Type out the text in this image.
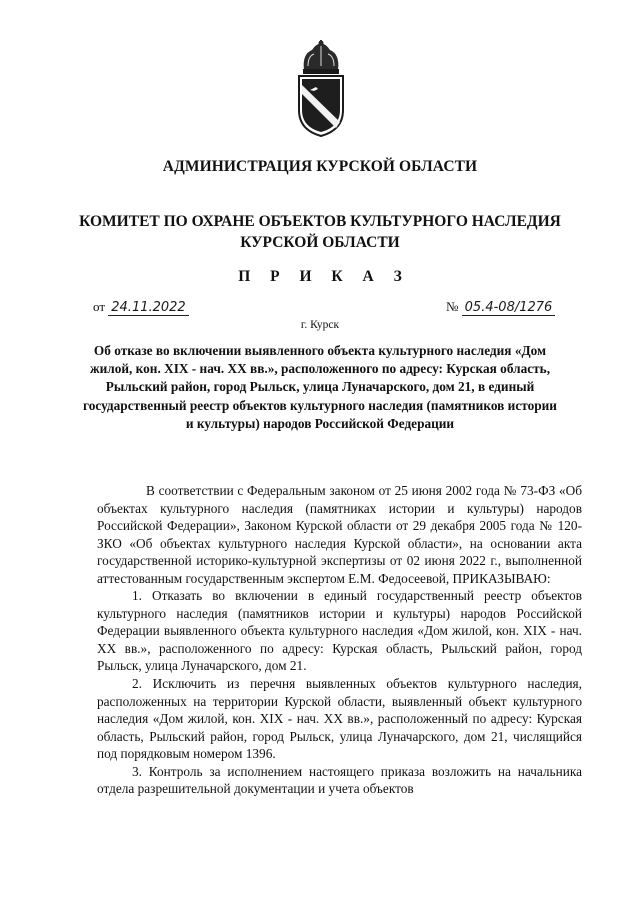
АДМИНИСТРАЦИЯ КУРСКОЙ ОБЛАСТИ
КОМИТЕТ ПО ОХРАНЕ ОБЪЕКТОВ КУЛЬТУРНОГО НАСЛЕДИЯ
КУРСКОЙ ОБЛАСТИ
П Р И К А З
от 24.11.2022	№ 05.4-08/1276
г. Курск
Об отказе во включении выявленного объекта культурного наследия «Дом жилой, кон. XIX - нач. XX вв.», расположенного по адресу: Курская область, Рыльский район, город Рыльск, улица Луначарского, дом 21, в единый государственный реестр объектов культурного наследия (памятников истории и культуры) народов Российской Федерации

В соответствии с Федеральным законом от 25 июня 2002 года № 73-ФЗ «Об объектах культурного наследия (памятниках истории и культуры) народов Российской Федерации», Законом Курской области от 29 декабря 2005 года № 120-ЗКО «Об объектах культурного наследия Курской области», на основании акта государственной историко-культурной экспертизы от 02 июня 2022 г., выполненной аттестованным государственным экспертом Е.М. Федосеевой, ПРИКАЗЫВАЮ:

1. Отказать во включении в единый государственный реестр объектов культурного наследия (памятников истории и культуры) народов Российской Федерации выявленного объекта культурного наследия «Дом жилой, кон. XIX - нач. XX вв.», расположенного по адресу: Курская область, Рыльский район, город Рыльск, улица Луначарского, дом 21.

2. Исключить из перечня выявленных объектов культурного наследия, расположенных на территории Курской области, выявленный объект культурного наследия «Дом жилой, кон. XIX - нач. XX вв.», расположенный по адресу: Курская область, Рыльский район, город Рыльск, улица Луначарского, дом 21, числящийся под порядковым номером 1396.

3. Контроль за исполнением настоящего приказа возложить на начальника отдела разрешительной документации и учета объектов
